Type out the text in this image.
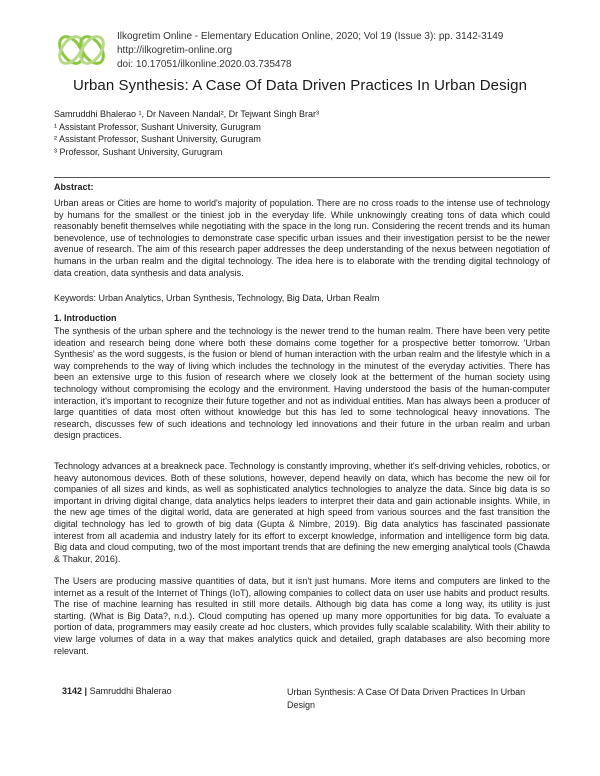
Ilkogretim Online - Elementary Education Online, 2020; Vol 19 (Issue 3): pp. 3142-3149
http://ilkogretim-online.org
doi: 10.17051/ilkonline.2020.03.735478
Urban Synthesis: A Case Of Data Driven Practices In Urban Design
Samruddhi Bhalerao ¹, Dr Naveen Nandal², Dr Tejwant Singh Brar³
¹ Assistant Professor, Sushant University, Gurugram
² Assistant Professor, Sushant University, Gurugram
³ Professor, Sushant University, Gurugram
Abstract:
Urban areas or Cities are home to world's majority of population. There are no cross roads to the intense use of technology by humans for the smallest or the tiniest job in the everyday life. While unknowingly creating tons of data which could reasonably benefit themselves while negotiating with the space in the long run. Considering the recent trends and its human benevolence, use of technologies to demonstrate case specific urban issues and their investigation persist to be the newer avenue of research. The aim of this research paper addresses the deep understanding of the nexus between negotiation of humans in the urban realm and the digital technology. The idea here is to elaborate with the trending digital technology of data creation, data synthesis and data analysis.
Keywords: Urban Analytics, Urban Synthesis, Technology, Big Data, Urban Realm
1. Introduction
The synthesis of the urban sphere and the technology is the newer trend to the human realm. There have been very petite ideation and research being done where both these domains come together for a prospective better tomorrow. 'Urban Synthesis' as the word suggests, is the fusion or blend of human interaction with the urban realm and the lifestyle which in a way comprehends to the way of living which includes the technology in the minutest of the everyday activities. There has been an extensive urge to this fusion of research where we closely look at the betterment of the human society using technology without compromising the ecology and the environment. Having understood the basis of the human-computer interaction, it's important to recognize their future together and not as individual entities. Man has always been a producer of large quantities of data most often without knowledge but this has led to some technological heavy innovations. The research, discusses few of such ideations and technology led innovations and their future in the urban realm and urban design practices.
Technology advances at a breakneck pace. Technology is constantly improving, whether it's self-driving vehicles, robotics, or heavy autonomous devices. Both of these solutions, however, depend heavily on data, which has become the new oil for companies of all sizes and kinds, as well as sophisticated analytics technologies to analyze the data. Since big data is so important in driving digital change, data analytics helps leaders to interpret their data and gain actionable insights. While, in the new age times of the digital world, data are generated at high speed from various sources and the fast transition the digital technology has led to growth of big data (Gupta & Nimbre, 2019). Big data analytics has fascinated passionate interest from all academia and industry lately for its effort to excerpt knowledge, information and intelligence form big data. Big data and cloud computing, two of the most important trends that are defining the new emerging analytical tools (Chawda & Thakur, 2016).
The Users are producing massive quantities of data, but it isn't just humans. More items and computers are linked to the internet as a result of the Internet of Things (IoT), allowing companies to collect data on user use habits and product results. The rise of machine learning has resulted in still more details. Although big data has come a long way, its utility is just starting. (What is Big Data?, n.d.). Cloud computing has opened up many more opportunities for big data. To evaluate a portion of data, programmers may easily create ad hoc clusters, which provides fully scalable scalability. With their ability to view large volumes of data in a way that makes analytics quick and detailed, graph databases are also becoming more relevant.
3142 | Samruddhi Bhalerao	Urban Synthesis: A Case Of Data Driven Practices In Urban Design
